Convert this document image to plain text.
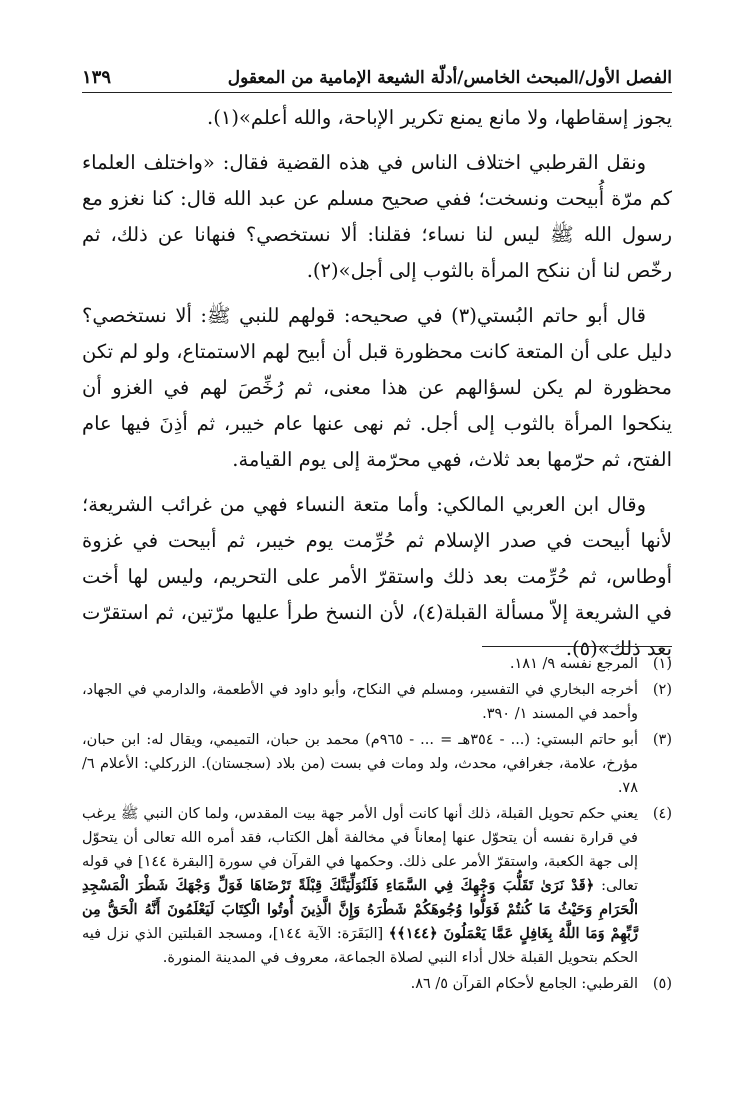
الفصل الأول/المبحث الخامس/أدلّة الشيعة الإمامية من المعقول
١٣٩

يجوز إسقاطها، ولا مانع يمنع تكرير الإباحة، والله أعلم»(١).

ونقل القرطبي اختلاف الناس في هذه القضية فقال: «واختلف العلماء كم مرّة أُبيحت ونسخت؛ ففي صحيح مسلم عن عبد الله قال: كنا نغزو مع رسول الله ﷺ ليس لنا نساء؛ فقلنا: ألا نستخصي؟ فنهانا عن ذلك، ثم رخّص لنا أن ننكح المرأة بالثوب إلى أجل»(٢).

قال أبو حاتم البُستي(٣) في صحيحه: قولهم للنبي ﷺ: ألا نستخصي؟ دليل على أن المتعة كانت محظورة قبل أن أبيح لهم الاستمتاع، ولو لم تكن محظورة لم يكن لسؤالهم عن هذا معنى، ثم رُخِّصَ لهم في الغزو أن ينكحوا المرأة بالثوب إلى أجل. ثم نهى عنها عام خيبر، ثم أذِنَ فيها عام الفتح، ثم حرّمها بعد ثلاث، فهي محرّمة إلى يوم القيامة.

وقال ابن العربي المالكي: وأما متعة النساء فهي من غرائب الشريعة؛ لأنها أبيحت في صدر الإسلام ثم حُرِّمت يوم خيبر، ثم أبيحت في غزوة أوطاس، ثم حُرِّمت بعد ذلك واستقرّ الأمر على التحريم، وليس لها أخت في الشريعة إلاّ مسألة القبلة(٤)، لأن النسخ طرأ عليها مرّتين، ثم استقرّت بعد ذلك»(٥).

(١)
المرجع نفسه ٩/ ١٨١.
(٢)
أخرجه البخاري في التفسير، ومسلم في النكاح، وأبو داود في الأطعمة، والدارمي في الجهاد، وأحمد في المسند ١/ ٣٩٠.
(٣)
أبو حاتم البستي: (... - ٣٥٤هـ = ... - ٩٦٥م) محمد بن حبان، التميمي، ويقال له: ابن حبان، مؤرخ، علامة، جغرافي، محدث، ولد ومات في بست (من بلاد (سجستان). الزركلي: الأعلام ٦/ ٧٨.
(٤)
يعني حكم تحويل القبلة، ذلك أنها كانت أول الأمر جهة بيت المقدس، ولما كان النبي ﷺ يرغب في قرارة نفسه أن يتحوّل عنها إمعاناً في مخالفة أهل الكتاب، فقد أمره الله تعالى أن يتحوّل إلى جهة الكعبة، واستقرّ الأمر على ذلك. وحكمها في القرآن في سورة [البقرة ١٤٤] في قوله تعالى: ﴿قَدْ نَرَىٰ تَقَلُّبَ وَجْهِكَ فِي السَّمَاءِ فَلَنُوَلِّيَنَّكَ قِبْلَةً تَرْضَاهَا فَوَلِّ وَجْهَكَ شَطْرَ الْمَسْجِدِ الْحَرَامِ وَحَيْثُ مَا كُنتُمْ فَوَلُّوا وُجُوهَكُمْ شَطْرَهُ وَإِنَّ الَّذِينَ أُوتُوا الْكِتَابَ لَيَعْلَمُونَ أَنَّهُ الْحَقُّ مِن رَّبِّهِمْ وَمَا اللَّهُ بِغَافِلٍ عَمَّا يَعْمَلُونَ ﴿١٤٤﴾﴾ [البَقَرَة: الآية ١٤٤]، ومسجد القبلتين الذي نزل فيه الحكم بتحويل القبلة خلال أداء النبي لصلاة الجماعة، معروف في المدينة المنورة.
(٥)
القرطبي: الجامع لأحكام القرآن ٥/ ٨٦.
